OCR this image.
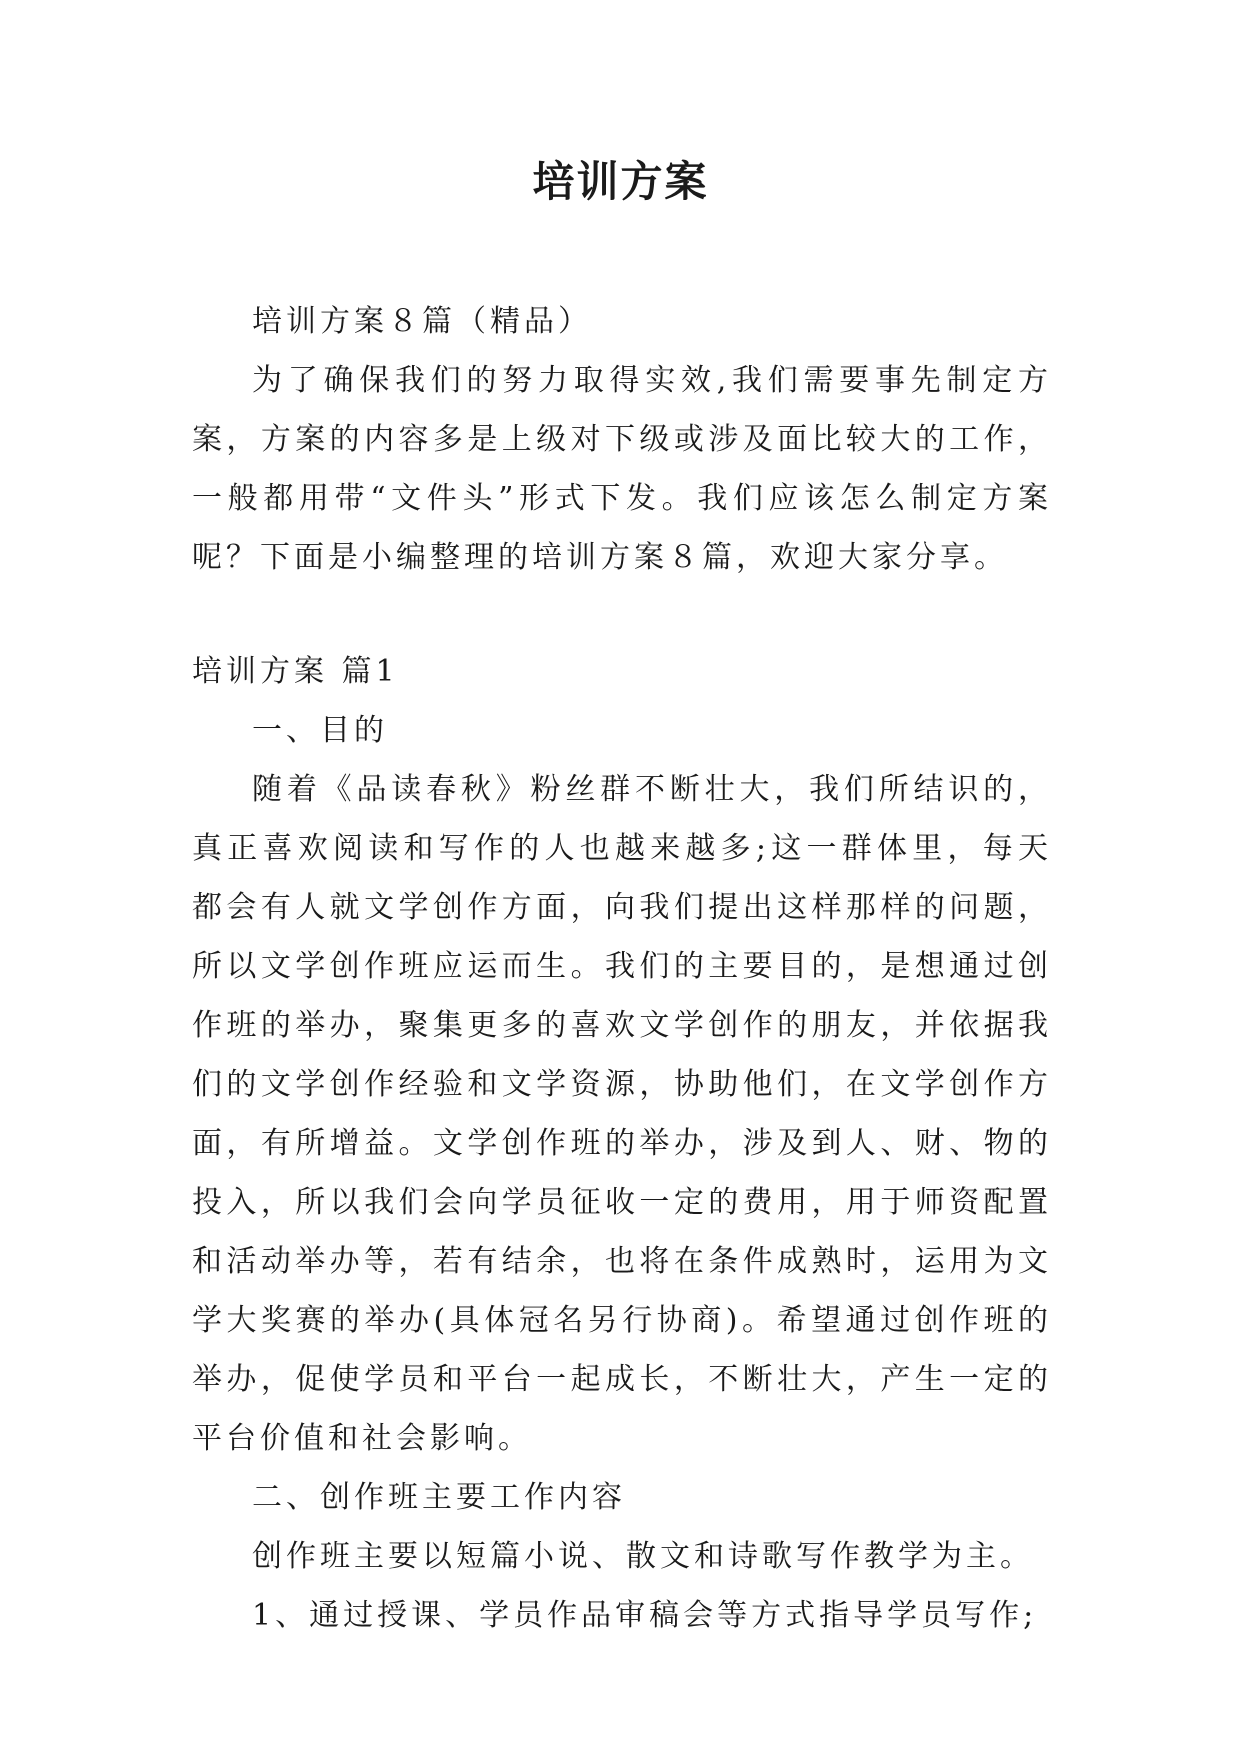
培训方案

培训方案８篇（精品）

为了确保我们的努力取得实效,我们需要事先制定方案，方案的内容多是上级对下级或涉及面比较大的工作，一般都用带“文件头”形式下发。我们应该怎么制定方案呢？下面是小编整理的培训方案８篇，欢迎大家分享。

培训方案 篇1

一、目的

随着《品读春秋》粉丝群不断壮大，我们所结识的，真正喜欢阅读和写作的人也越来越多;这一群体里，每天都会有人就文学创作方面，向我们提出这样那样的问题，所以文学创作班应运而生。我们的主要目的，是想通过创作班的举办，聚集更多的喜欢文学创作的朋友，并依据我们的文学创作经验和文学资源，协助他们，在文学创作方面，有所增益。文学创作班的举办，涉及到人、财、物的投入，所以我们会向学员征收一定的费用，用于师资配置和活动举办等，若有结余，也将在条件成熟时，运用为文学大奖赛的举办(具体冠名另行协商)。希望通过创作班的举办，促使学员和平台一起成长，不断壮大，产生一定的平台价值和社会影响。

二、创作班主要工作内容

创作班主要以短篇小说、散文和诗歌写作教学为主。

1、通过授课、学员作品审稿会等方式指导学员写作;
